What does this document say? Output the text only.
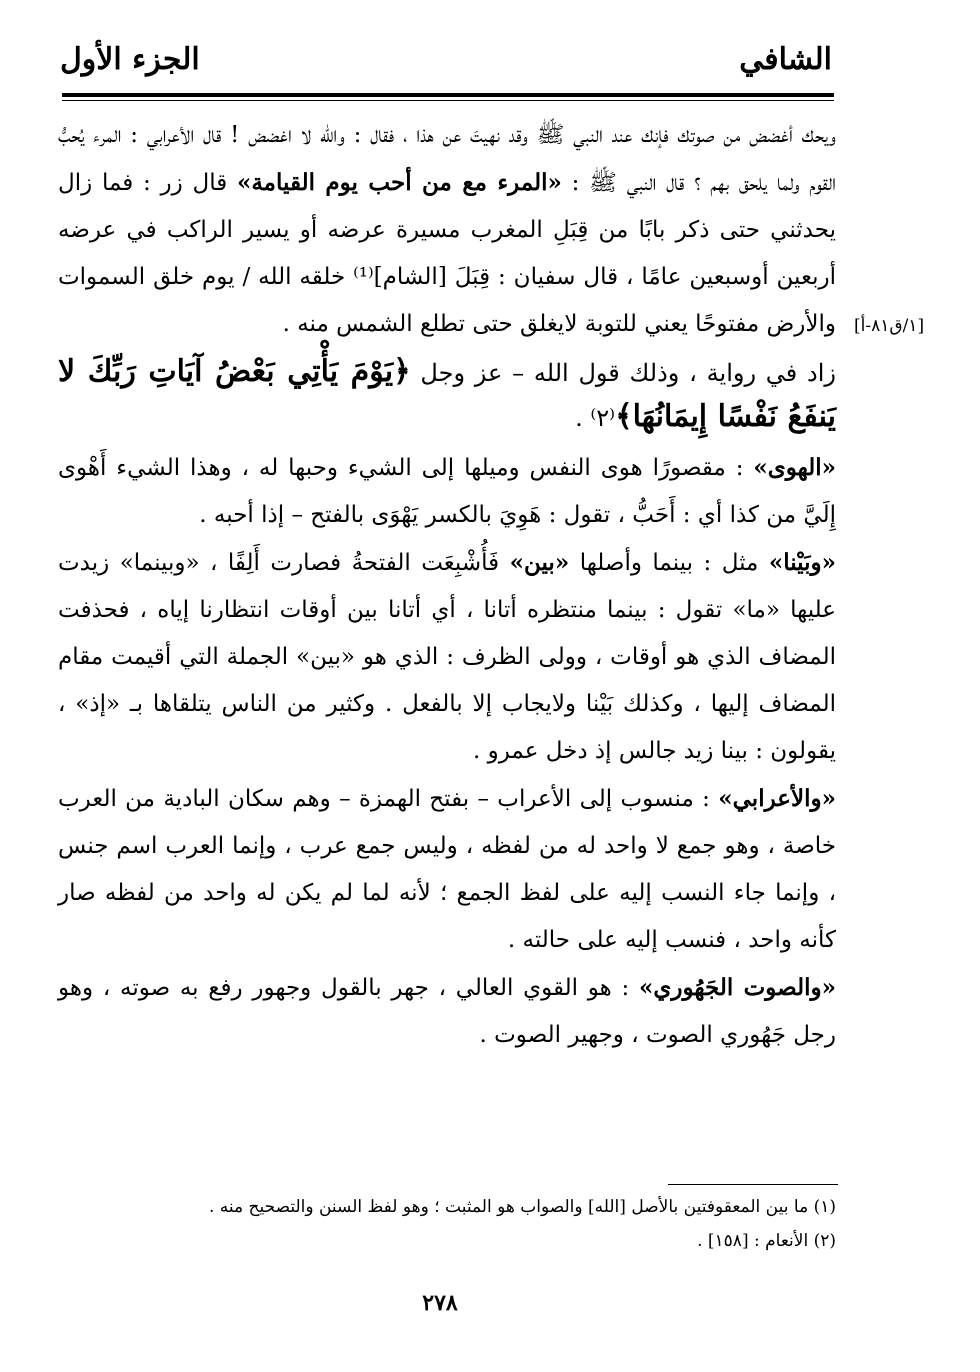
الشافي
الجزء الأول
[١/ق٨١-أ]

ويحك أغضض من صوتك فإنك عند النبي ﷺ وقد نهيتَ عن هذا ، فقال : والله لا اغضض ! قال الأعرابي : المرء يُحبُّ القوم ولما يلحق بهم ؟ قال النبي ﷺ : «المرء مع من أحب يوم القيامة» قال زر : فما زال يحدثني حتى ذكر بابًا من قِبَلِ المغرب مسيرة عرضه أو يسير الراكب في عرضه أربعين أوسبعين عامًا ، قال سفيان : قِبَلَ [الشام]⁽¹⁾ خلقه الله / يوم خلق السموات والأرض مفتوحًا يعني للتوبة لايغلق حتى تطلع الشمس منه .

زاد في رواية ، وذلك قول الله – عز وجل ﴿يَوْمَ يَأْتِي بَعْضُ آيَاتِ رَبِّكَ لا يَنفَعُ نَفْسًا إِيمَانُهَا﴾⁽٢⁾ .

«الهوى» : مقصورًا هوى النفس وميلها إلى الشيء وحبها له ، وهذا الشيء أَهْوى إِلَيَّ من كذا أي : أَحَبُّ ، تقول : هَوِيَ بالكسر يَهْوَى بالفتح – إذا أحبه .

«وبَيْنا» مثل : بينما وأصلها «بين» فَأُشْبِعَت الفتحةُ فصارت أَلِفًا ، «وبينما» زيدت عليها «ما» تقول : بينما منتظره أتانا ، أي أتانا بين أوقات انتظارنا إياه ، فحذفت المضاف الذي هو أوقات ، وولى الظرف : الذي هو «بين» الجملة التي أقيمت مقام المضاف إليها ، وكذلك بَيْنا ولايجاب إلا بالفعل . وكثير من الناس يتلقاها بـ «إذ» ، يقولون : بينا زيد جالس إذ دخل عمرو .

«والأعرابي» : منسوب إلى الأعراب – بفتح الهمزة – وهم سكان البادية من العرب خاصة ، وهو جمع لا واحد له من لفظه ، وليس جمع عرب ، وإنما العرب اسم جنس ، وإنما جاء النسب إليه على لفظ الجمع ؛ لأنه لما لم يكن له واحد من لفظه صار كأنه واحد ، فنسب إليه على حالته .

«والصوت الجَهُوري» : هو القوي العالي ، جهر بالقول وجهور رفع به صوته ، وهو رجل جَهُوري الصوت ، وجهير الصوت .

(١) ما بين المعقوفتين بالأصل [الله] والصواب هو المثبت ؛ وهو لفظ السنن والتصحيح منه .

(٢) الأنعام : [١٥٨] .

٢٧٨
